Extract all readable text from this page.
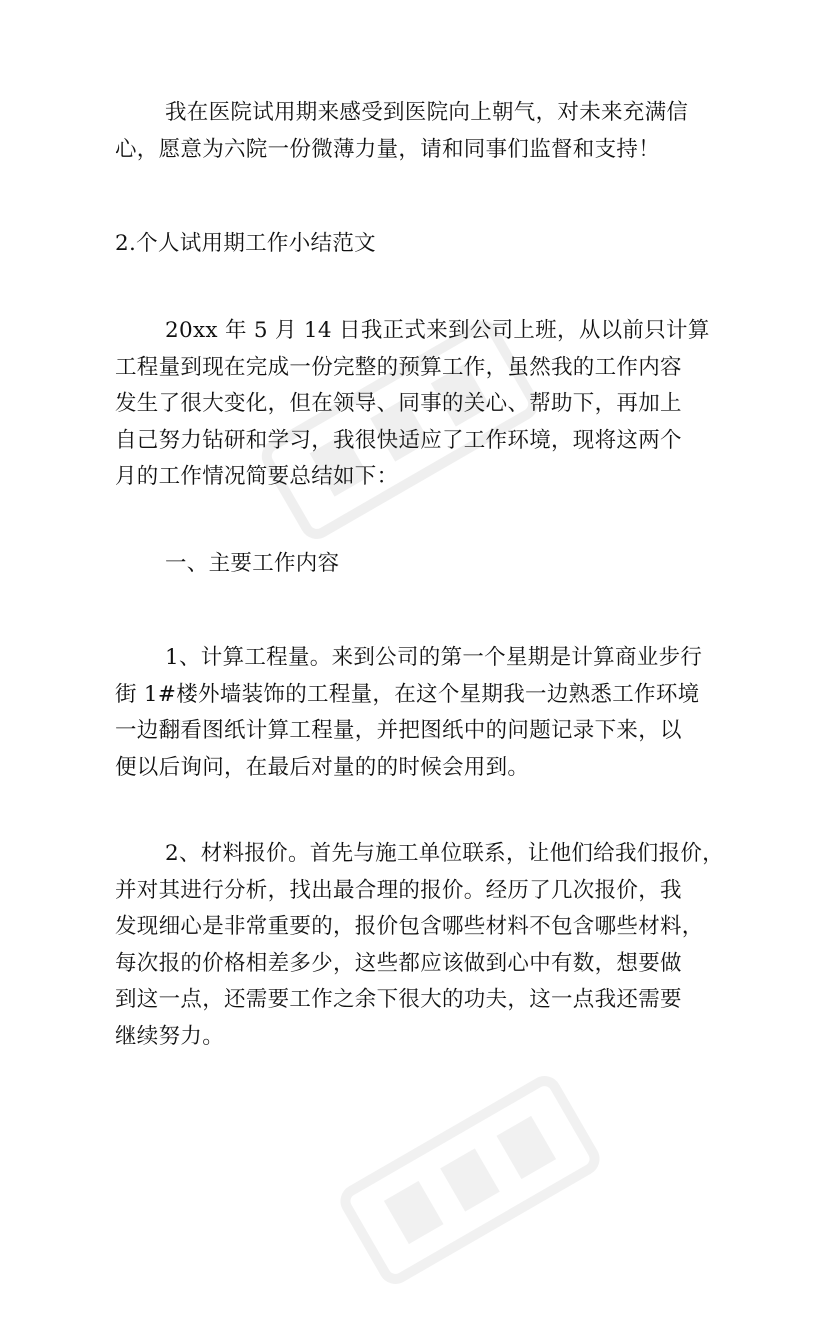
我在医院试用期来感受到医院向上朝气，对未来充满信
心，愿意为六院一份微薄力量，请和同事们监督和支持！
2.个人试用期工作小结范文
20xx 年 5 月 14 日我正式来到公司上班，从以前只计算
工程量到现在完成一份完整的预算工作，虽然我的工作内容
发生了很大变化，但在领导、同事的关心、帮助下，再加上
自己努力钻研和学习，我很快适应了工作环境，现将这两个
月的工作情况简要总结如下：
一、主要工作内容
1、计算工程量。来到公司的第一个星期是计算商业步行
街 1#楼外墙装饰的工程量，在这个星期我一边熟悉工作环境
一边翻看图纸计算工程量，并把图纸中的问题记录下来，以
便以后询问，在最后对量的的时候会用到。
2、材料报价。首先与施工单位联系，让他们给我们报价，
并对其进行分析，找出最合理的报价。经历了几次报价，我
发现细心是非常重要的，报价包含哪些材料不包含哪些材料，
每次报的价格相差多少，这些都应该做到心中有数，想要做
到这一点，还需要工作之余下很大的功夫，这一点我还需要
继续努力。
